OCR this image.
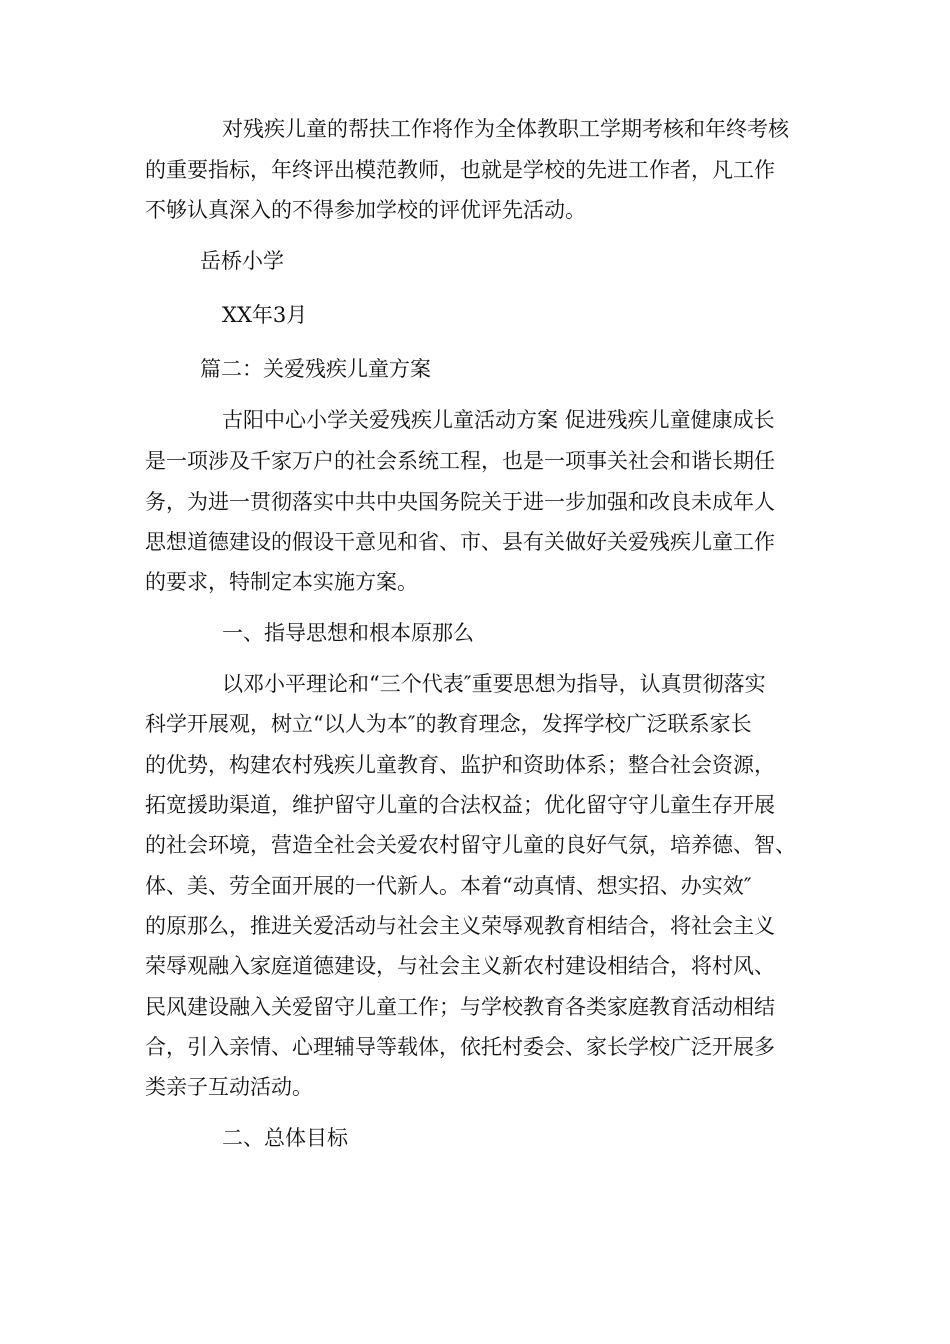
对残疾儿童的帮扶工作将作为全体教职工学期考核和年终考核
的重要指标，年终评出模范教师，也就是学校的先进工作者，凡工作
不够认真深入的不得参加学校的评优评先活动。
岳桥小学
XX年3月
篇二：关爱残疾儿童方案
古阳中心小学关爱残疾儿童活动方案 促进残疾儿童健康成长
是一项涉及千家万户的社会系统工程，也是一项事关社会和谐长期任
务，为进一贯彻落实中共中央国务院关于进一步加强和改良未成年人
思想道德建设的假设干意见和省、市、县有关做好关爱残疾儿童工作
的要求，特制定本实施方案。
一、指导思想和根本原那么
以邓小平理论和“三个代表″重要思想为指导，认真贯彻落实
科学开展观，树立“以人为本″的教育理念，发挥学校广泛联系家长
的优势，构建农村残疾儿童教育、监护和资助体系；整合社会资源，
拓宽援助渠道，维护留守儿童的合法权益；优化留守守儿童生存开展
的社会环境，营造全社会关爱农村留守儿童的良好气氛，培养德、智、
体、美、劳全面开展的一代新人。本着“动真情、想实招、办实效″
的原那么，推进关爱活动与社会主义荣辱观教育相结合，将社会主义
荣辱观融入家庭道德建设，与社会主义新农村建设相结合，将村风、
民风建设融入关爱留守儿童工作；与学校教育各类家庭教育活动相结
合，引入亲情、心理辅导等载体，依托村委会、家长学校广泛开展多
类亲子互动活动。
二、总体目标
